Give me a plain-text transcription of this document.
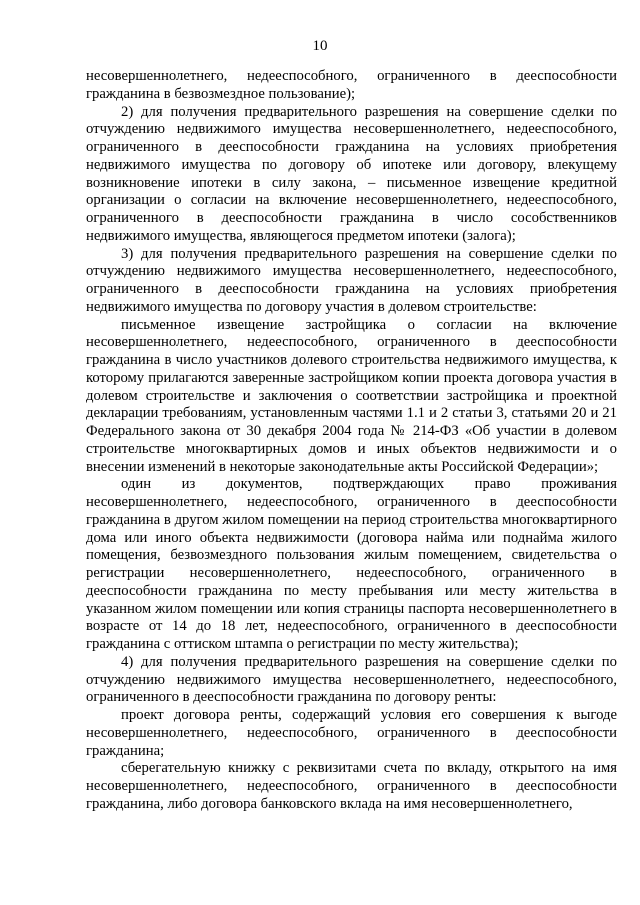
10

несовершеннолетнего, недееспособного, ограниченного в дееспособности гражданина в безвозмездное пользование);

2) для получения предварительного разрешения на совершение сделки по отчуждению недвижимого имущества несовершеннолетнего, недееспособного, ограниченного в дееспособности гражданина на условиях приобретения недвижимого имущества по договору об ипотеке или договору, влекущему возникновение ипотеки в силу закона, – письменное извещение кредитной организации о согласии на включение несовершеннолетнего, недееспособного, ограниченного в дееспособности гражданина в число сособственников недвижимого имущества, являющегося предметом ипотеки (залога);

3) для получения предварительного разрешения на совершение сделки по отчуждению недвижимого имущества несовершеннолетнего, недееспособного, ограниченного в дееспособности гражданина на условиях приобретения недвижимого имущества по договору участия в долевом строительстве:

письменное извещение застройщика о согласии на включение несовершеннолетнего, недееспособного, ограниченного в дееспособности гражданина в число участников долевого строительства недвижимого имущества, к которому прилагаются заверенные застройщиком копии проекта договора участия в долевом строительстве и заключения о соответствии застройщика и проектной декларации требованиям, установленным частями 1.1 и 2 статьи 3, статьями 20 и 21 Федерального закона от 30 декабря 2004 года № 214-ФЗ «Об участии в долевом строительстве многоквартирных домов и иных объектов недвижимости и о внесении изменений в некоторые законодательные акты Российской Федерации»;

один из документов, подтверждающих право проживания несовершеннолетнего, недееспособного, ограниченного в дееспособности гражданина в другом жилом помещении на период строительства многоквартирного дома или иного объекта недвижимости (договора найма или поднайма жилого помещения, безвозмездного пользования жилым помещением, свидетельства о регистрации несовершеннолетнего, недееспособного, ограниченного в дееспособности гражданина по месту пребывания или месту жительства в указанном жилом помещении или копия страницы паспорта несовершеннолетнего в возрасте от 14 до 18 лет, недееспособного, ограниченного в дееспособности гражданина с оттиском штампа о регистрации по месту жительства);

4) для получения предварительного разрешения на совершение сделки по отчуждению недвижимого имущества несовершеннолетнего, недееспособного, ограниченного в дееспособности гражданина по договору ренты:

проект договора ренты, содержащий условия его совершения к выгоде несовершеннолетнего, недееспособного, ограниченного в дееспособности гражданина;

сберегательную книжку с реквизитами счета по вкладу, открытого на имя несовершеннолетнего, недееспособного, ограниченного в дееспособности гражданина, либо договора банковского вклада на имя несовершеннолетнего,
